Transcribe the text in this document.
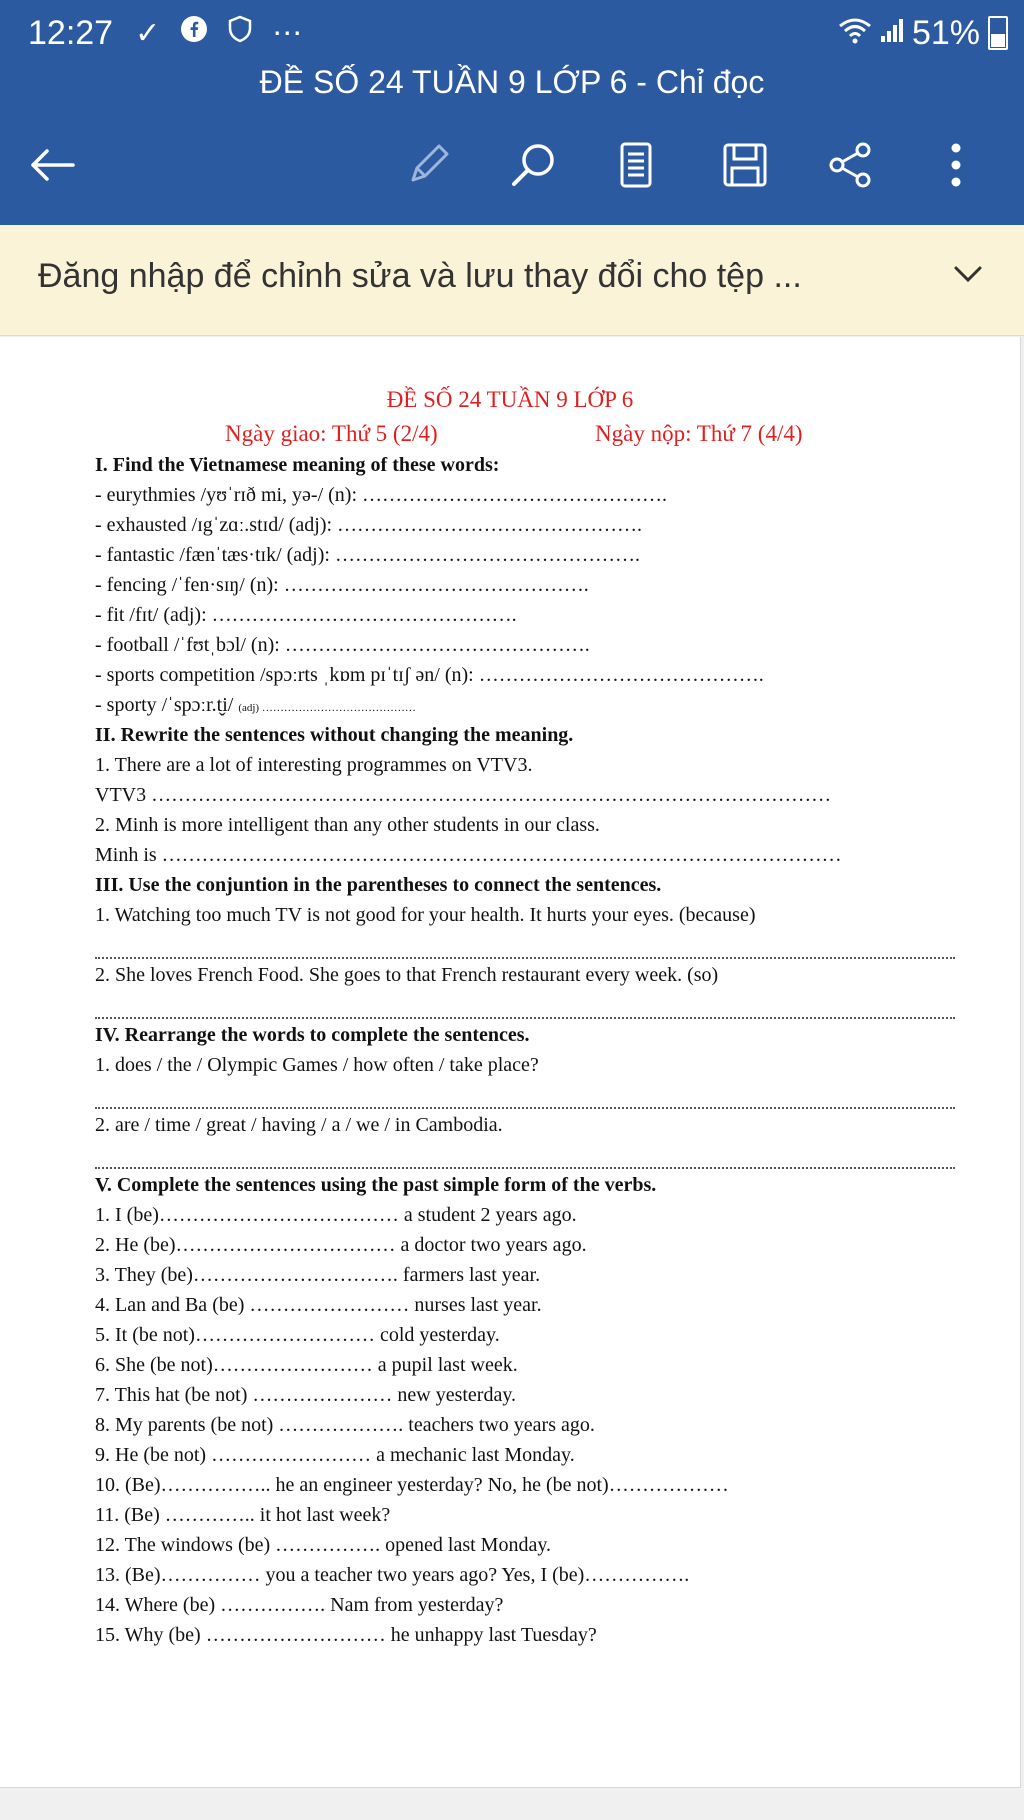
12:27 ✓	⋯	51%
ĐỀ SỐ 24 TUẦN 9 LỚP 6 - Chỉ đọc
Đăng nhập để chỉnh sửa và lưu thay đổi cho tệp ...
ĐỀ SỐ 24 TUẦN 9 LỚP 6
Ngày giao: Thứ 5 (2/4)	Ngày nộp: Thứ 7 (4/4)
I. Find the Vietnamese meaning of these words:
- eurythmies /yʊˈrɪð mi, yə-/ (n): ……………………………………….
- exhausted /ɪgˈzɑː.stɪd/ (adj): ……………………………………….
- fantastic /fænˈtæs·tɪk/ (adj): ……………………………………….
- fencing /ˈfen·sɪŋ/ (n): ……………………………………….
- fit /fɪt/ (adj): ……………………………………….
- football /ˈfʊtˌbɔl/ (n): ……………………………………….
- sports competition /spɔːrts ˌkɒm pɪˈtɪʃ ən/ (n): …………………………………….
- sporty /ˈspɔːr.t̬i/ (adj) ……………………………………
II. Rewrite the sentences without changing the meaning.
1. There are a lot of interesting programmes on VTV3.
VTV3 …………………………………………………………………………………………
2. Minh is more intelligent than any other students in our class.
Minh is …………………………………………………………………………………………
III. Use the conjuntion in the parentheses to connect the sentences.
1. Watching too much TV is not good for your health. It hurts your eyes. (because)
2. She loves French Food. She goes to that French restaurant every week. (so)
IV. Rearrange the words to complete the sentences.
1. does / the / Olympic Games / how often / take place?
2. are / time / great / having / a / we / in Cambodia.
V. Complete the sentences using the past simple form of the verbs.
1. I (be)……………………………… a student 2 years ago.
2. He (be)…………………………… a doctor two years ago.
3. They (be)…………………………. farmers last year.
4. Lan and Ba (be) …………………… nurses last year.
5. It (be not)……………………… cold yesterday.
6. She (be not)…………………… a pupil last week.
7. This hat (be not) ………………… new yesterday.
8. My parents (be not) ………………. teachers two years ago.
9. He (be not) …………………… a mechanic last Monday.
10. (Be)…………….. he an engineer yesterday? No, he (be not)………………
11. (Be) ………….. it hot last week?
12. The windows (be) ……………. opened last Monday.
13. (Be)…………… you a teacher two years ago? Yes, I (be)…………….
14. Where (be) ……………. Nam from yesterday?
15. Why (be) ……………………… he unhappy last Tuesday?
